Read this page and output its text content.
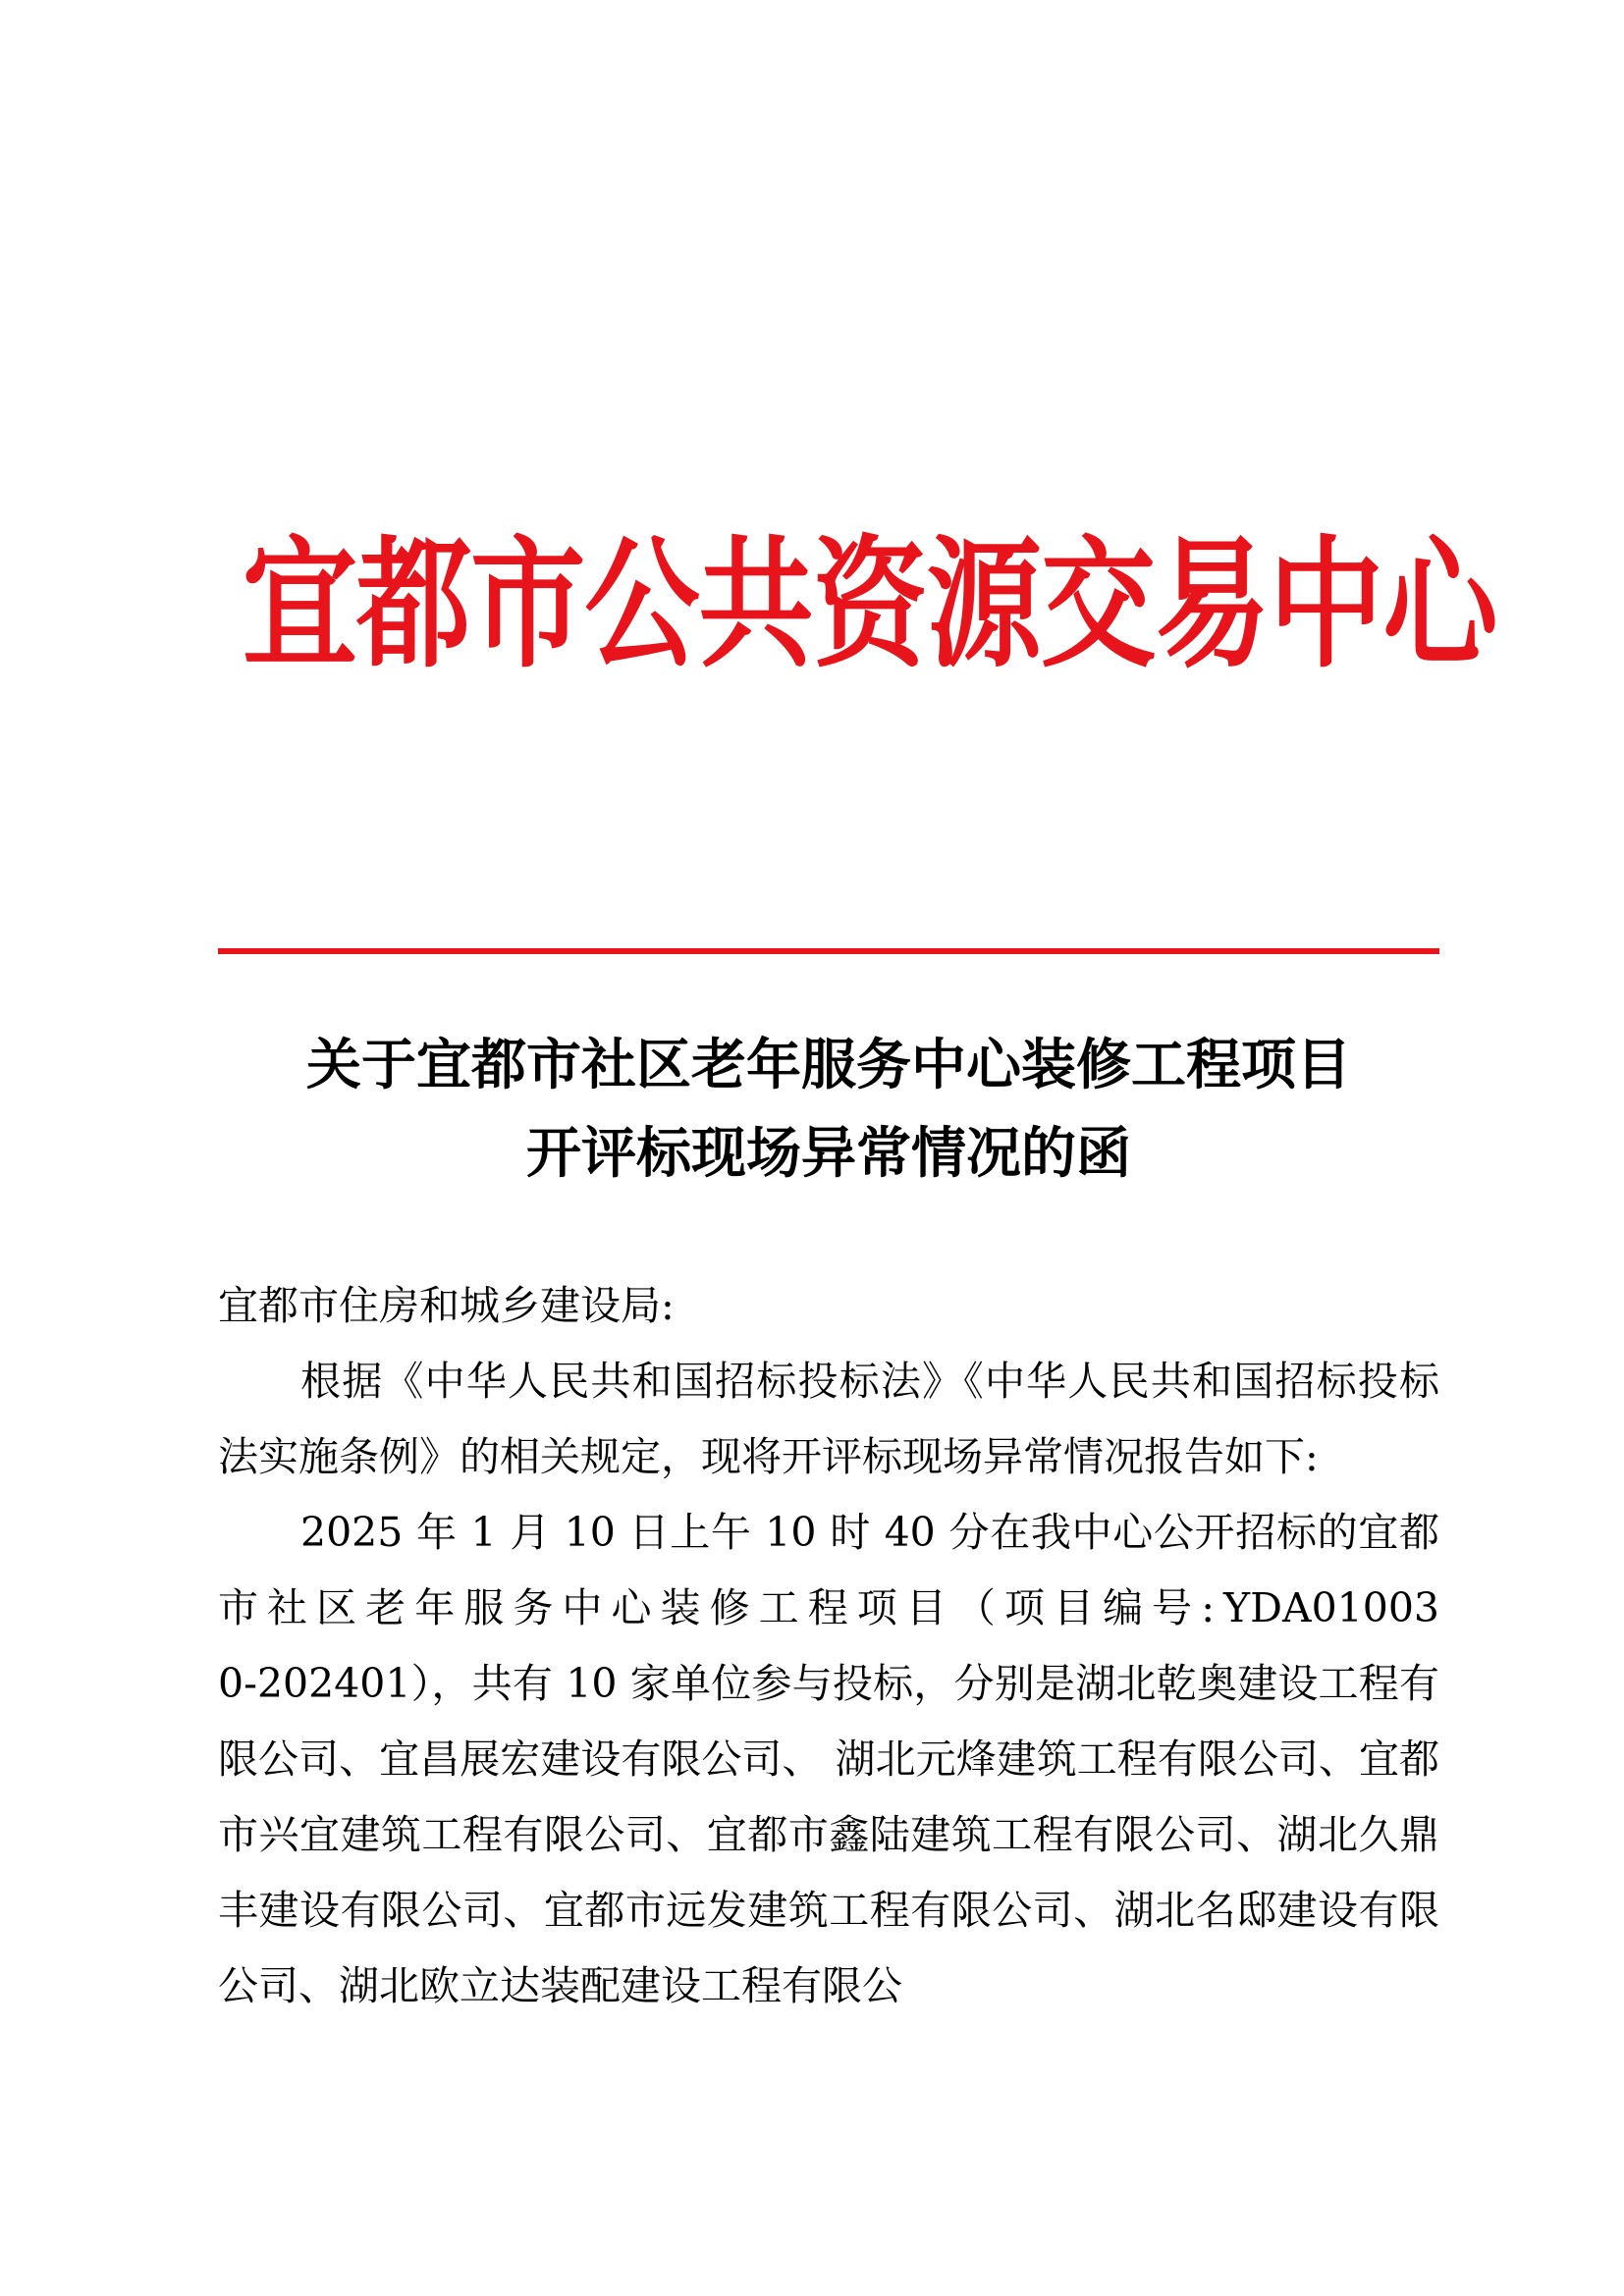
宜都市公共资源交易中心
关于宜都市社区老年服务中心装修工程项目
开评标现场异常情况的函

宜都市住房和城乡建设局:

根据《中华人民共和国招标投标法》《中华人民共和国招标投标法实施条例》的相关规定，现将开评标现场异常情况报告如下:

2025 年 1 月 10 日上午 10 时 40 分在我中心公开招标的宜都市社区老年服务中心装修工程项目（项目编号:YDA010030-202401），共有 10 家单位参与投标，分别是湖北乾奥建设工程有限公司、宜昌展宏建设有限公司、 湖北元烽建筑工程有限公司、宜都市兴宜建筑工程有限公司、宜都市鑫陆建筑工程有限公司、湖北久鼎丰建设有限公司、宜都市远发建筑工程有限公司、湖北名邸建设有限公司、湖北欧立达装配建设工程有限公
